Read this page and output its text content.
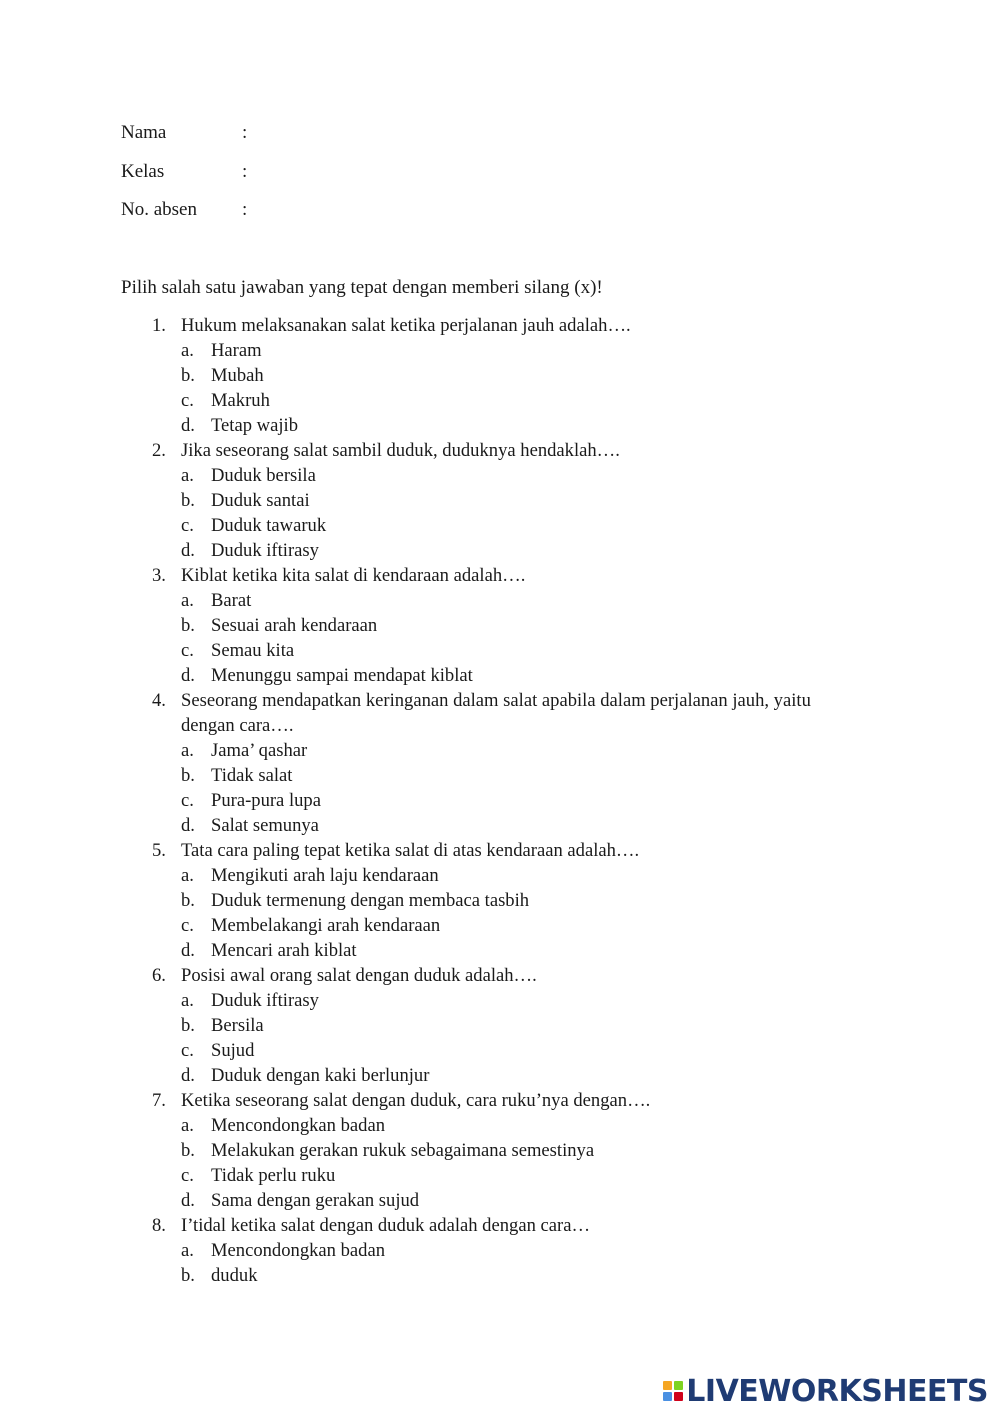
Nama	:
Kelas	:
No. absen	:
Pilih salah satu jawaban yang tepat dengan memberi silang (x)!
1. Hukum melaksanakan salat ketika perjalanan jauh adalah….
a. Haram
b. Mubah
c. Makruh
d. Tetap wajib
2. Jika seseorang salat sambil duduk, duduknya hendaklah….
a. Duduk bersila
b. Duduk santai
c. Duduk tawaruk
d. Duduk iftirasy
3. Kiblat ketika kita salat di kendaraan adalah….
a. Barat
b. Sesuai arah kendaraan
c. Semau kita
d. Menunggu sampai mendapat kiblat
4. Seseorang mendapatkan keringanan dalam salat apabila dalam perjalanan jauh, yaitu
dengan cara….
a. Jama’ qashar
b. Tidak salat
c. Pura-pura lupa
d. Salat semunya
5. Tata cara paling tepat ketika salat di atas kendaraan adalah….
a. Mengikuti arah laju kendaraan
b. Duduk termenung dengan membaca tasbih
c. Membelakangi arah kendaraan
d. Mencari arah kiblat
6. Posisi awal orang salat dengan duduk adalah….
a. Duduk iftirasy
b. Bersila
c. Sujud
d. Duduk dengan kaki berlunjur
7. Ketika seseorang salat dengan duduk, cara ruku’nya dengan….
a. Mencondongkan badan
b. Melakukan gerakan rukuk sebagaimana semestinya
c. Tidak perlu ruku
d. Sama dengan gerakan sujud
8. I’tidal ketika salat dengan duduk adalah dengan cara…
a. Mencondongkan badan
b. duduk
LIVEWORKSHEETS
